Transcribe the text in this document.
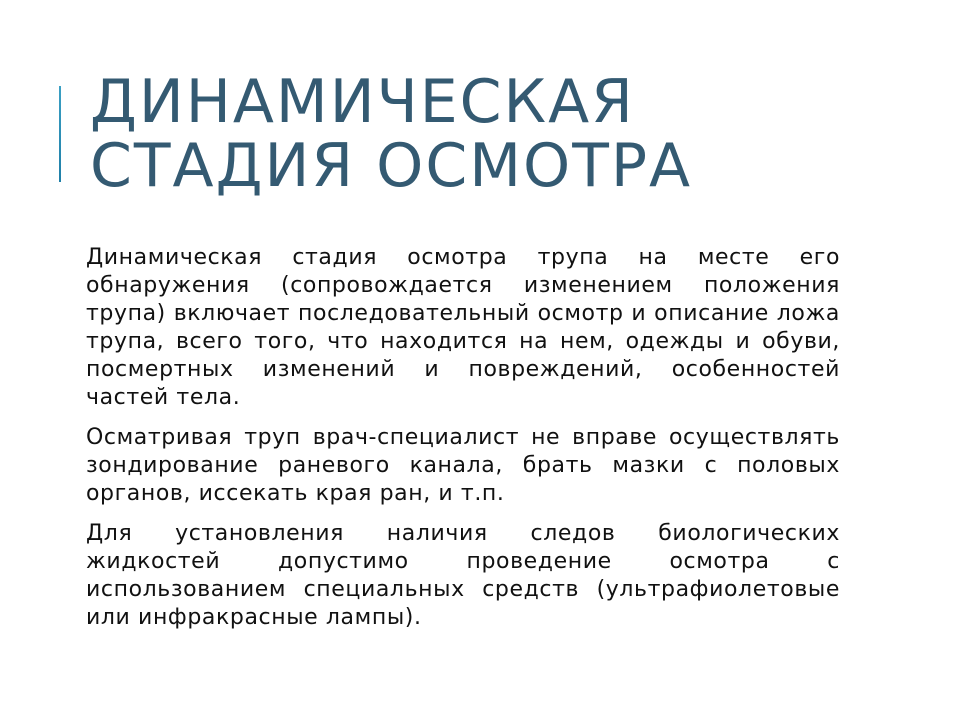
ДИНАМИЧЕСКАЯ
СТАДИЯ ОСМОТРА

Динамическая стадия осмотра трупа на месте его обнаружения (сопровождается изменением положения трупа) включает последовательный осмотр и описание ложа трупа, всего того, что находится на нем, одежды и обуви, посмертных изменений и повреждений, особенностей частей тела.

Осматривая труп врач-специалист не вправе осуществлять зондирование раневого канала, брать мазки с половых органов, иссекать края ран, и т.п.

Для установления наличия следов биологических жидкостей допустимо проведение осмотра с использованием специальных средств (ультрафиолетовые или инфракрасные лампы).
